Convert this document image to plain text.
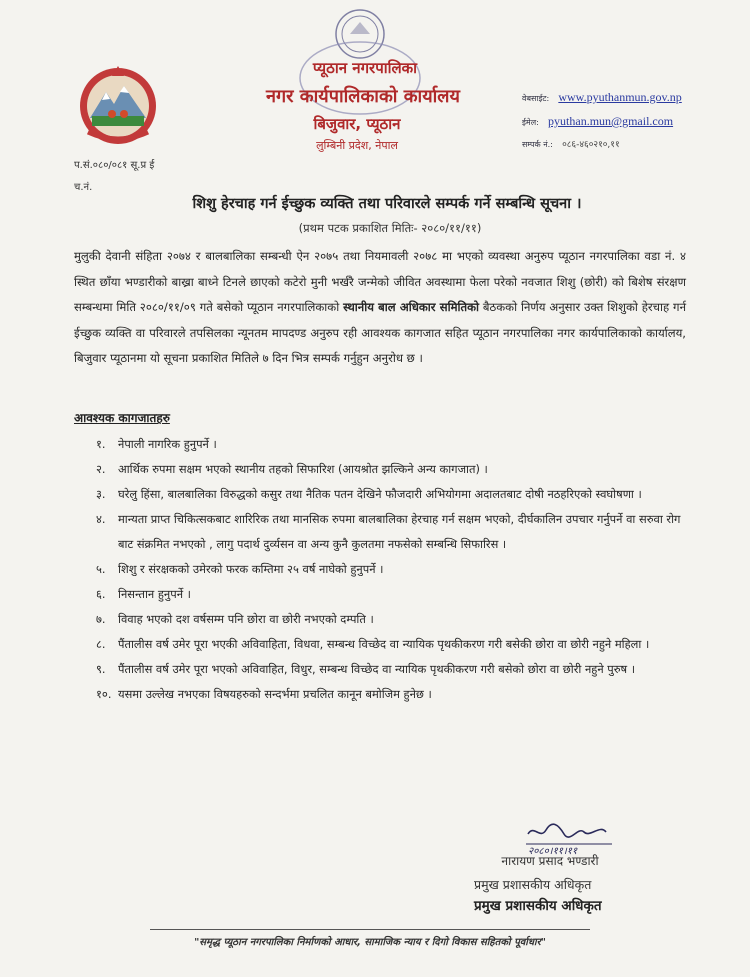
प्यूठान नगरपालिका
नगर कार्यपालिकाको कार्यालय
बिजुवार, प्यूठान
लुम्बिनी प्रदेश, नेपाल
वेबसाईट: www.pyuthanmun.gov.np
ईमेल: pyuthan.mun@gmail.com
सम्पर्क नं.: ०८६-४६०२१०,११
प.सं.०८०/०८१ सू.प्र ई
च.नं.
शिशु हेरचाह गर्न ईच्छुक व्यक्ति तथा परिवारले सम्पर्क गर्ने सम्बन्धि सूचना ।
(प्रथम पटक प्रकाशित मितिः- २०८०/११/११)
मुलुकी देवानी संहिता २०७४ र बालबालिका सम्बन्धी ऐन २०७५ तथा नियमावली २०७८ मा भएको व्यवस्था अनुरुप प्यूठान नगरपालिका वडा नं. ४ स्थित छाँया भण्डारीको बाख्रा बाध्ने टिनले छाएको कटेरो मुनी भर्खरै जन्मेको जीवित अवस्थामा फेला परेको नवजात शिशु (छोरी) को बिशेष संरक्षण सम्बन्धमा मिति २०८०/११/०९ गते बसेको प्यूठान नगरपालिकाको स्थानीय बाल अधिकार समितिको बैठकको निर्णय अनुसार उक्त शिशुको हेरचाह गर्न ईच्छुक व्यक्ति वा परिवारले तपसिलका न्यूनतम मापदण्ड अनुरुप रही आवश्यक कागजात सहित प्यूठान नगरपालिका नगर कार्यपालिकाको कार्यालय, बिजुवार प्यूठानमा यो सूचना प्रकाशित मितिले ७ दिन भित्र सम्पर्क गर्नुहुन अनुरोध छ ।
आवश्यक कागजातहरु
१. नेपाली नागरिक हुनुपर्ने ।
२. आर्थिक रुपमा सक्षम भएको स्थानीय तहको सिफारिश (आयश्रोत झल्किने अन्य कागजात) ।
३. घरेलु हिंसा, बालबालिका विरुद्धको कसुर तथा नैतिक पतन देखिने फौजदारी अभियोगमा अदालतबाट दोषी नठहरिएको स्वघोषणा ।
४. मान्यता प्राप्त चिकित्सकबाट शारिरिक तथा मानसिक रुपमा बालबालिका हेरचाह गर्न सक्षम भएको, दीर्घकालिन उपचार गर्नुपर्ने वा सरुवा रोग बाट संक्रमित नभएको , लागु पदार्थ दुर्व्यसन वा अन्य कुनै कुलतमा नफसेको सम्बन्धि सिफारिस ।
५. शिशु र संरक्षकको उमेरको फरक कम्तिमा २५ वर्ष नाघेको हुनुपर्ने ।
६. निसन्तान हुनुपर्ने ।
७. विवाह भएको दश वर्षसम्म पनि छोरा वा छोरी नभएको दम्पति ।
८. पैंतालीस वर्ष उमेर पूरा भएकी अविवाहिता, विधवा, सम्बन्ध विच्छेद वा न्यायिक पृथकीकरण गरी बसेकी छोरा वा छोरी नहुने महिला ।
९. पैंतालीस वर्ष उमेर पूरा भएको अविवाहित, विधुर, सम्बन्ध विच्छेद वा न्यायिक पृथकीकरण गरी बसेको छोरा वा छोरी नहुने पुरुष ।
१०. यसमा उल्लेख नभएका विषयहरुको सन्दर्भमा प्रचलित कानून बमोजिम हुनेछ ।
२०८०।११।११
नारायण प्रसाद भण्डारी
प्रमुख प्रशासकीय अधिकृत
प्रमुख प्रशासकीय अधिकृत
"समृद्ध प्यूठान नगरपालिका निर्माणको आधार, सामाजिक न्याय र दिगो विकास सहितको पूर्वाधार"
